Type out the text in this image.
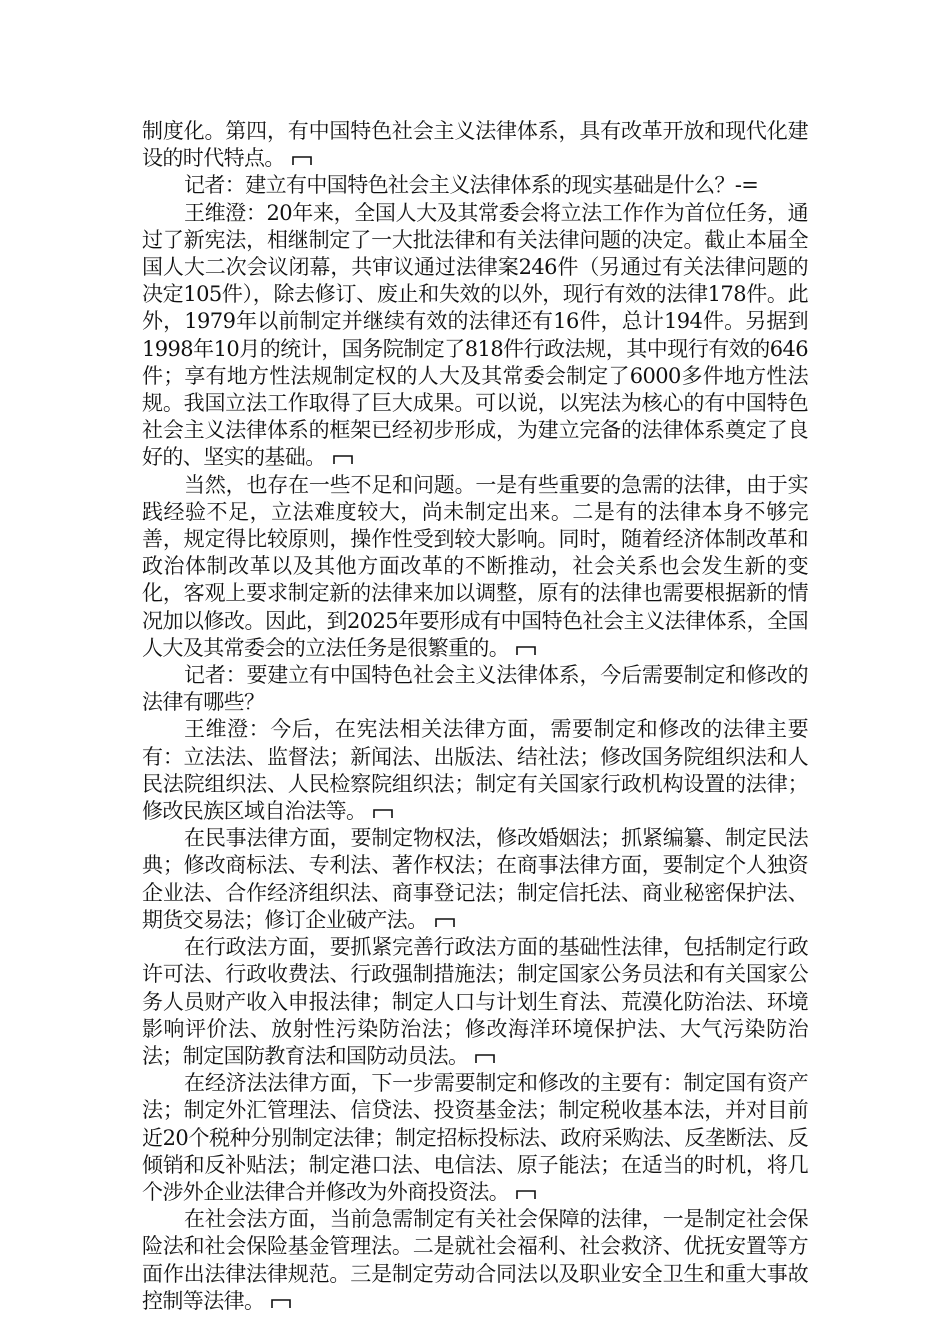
制度化。第四，有中国特色社会主义法律体系，具有改革开放和现代化建设的时代特点。

记者：建立有中国特色社会主义法律体系的现实基础是什么？-=

王维澄：20年来，全国人大及其常委会将立法工作作为首位任务，通过了新宪法，相继制定了一大批法律和有关法律问题的决定。截止本届全国人大二次会议闭幕，共审议通过法律案246件（另通过有关法律问题的决定105件），除去修订、废止和失效的以外，现行有效的法律178件。此外，1979年以前制定并继续有效的法律还有16件，总计194件。另据到1998年10月的统计，国务院制定了818件行政法规，其中现行有效的646件；享有地方性法规制定权的人大及其常委会制定了6000多件地方性法规。我国立法工作取得了巨大成果。可以说，以宪法为核心的有中国特色社会主义法律体系的框架已经初步形成，为建立完备的法律体系奠定了良好的、坚实的基础。

当然，也存在一些不足和问题。一是有些重要的急需的法律，由于实践经验不足，立法难度较大，尚未制定出来。二是有的法律本身不够完善，规定得比较原则，操作性受到较大影响。同时，随着经济体制改革和政治体制改革以及其他方面改革的不断推动，社会关系也会发生新的变化，客观上要求制定新的法律来加以调整，原有的法律也需要根据新的情况加以修改。因此，到2025年要形成有中国特色社会主义法律体系，全国人大及其常委会的立法任务是很繁重的。

记者：要建立有中国特色社会主义法律体系，今后需要制定和修改的法律有哪些？

王维澄：今后，在宪法相关法律方面，需要制定和修改的法律主要有：立法法、监督法；新闻法、出版法、结社法；修改国务院组织法和人民法院组织法、人民检察院组织法；制定有关国家行政机构设置的法律；修改民族区域自治法等。

在民事法律方面，要制定物权法，修改婚姻法；抓紧编纂、制定民法典；修改商标法、专利法、著作权法；在商事法律方面，要制定个人独资企业法、合作经济组织法、商事登记法；制定信托法、商业秘密保护法、期货交易法；修订企业破产法。

在行政法方面，要抓紧完善行政法方面的基础性法律，包括制定行政许可法、行政收费法、行政强制措施法；制定国家公务员法和有关国家公务人员财产收入申报法律；制定人口与计划生育法、荒漠化防治法、环境影响评价法、放射性污染防治法；修改海洋环境保护法、大气污染防治法；制定国防教育法和国防动员法。

在经济法法律方面，下一步需要制定和修改的主要有：制定国有资产法；制定外汇管理法、信贷法、投资基金法；制定税收基本法，并对目前近20个税种分别制定法律；制定招标投标法、政府采购法、反垄断法、反倾销和反补贴法；制定港口法、电信法、原子能法；在适当的时机，将几个涉外企业法律合并修改为外商投资法。

在社会法方面，当前急需制定有关社会保障的法律，一是制定社会保险法和社会保险基金管理法。二是就社会福利、社会救济、优抚安置等方面作出法律法律规范。三是制定劳动合同法以及职业安全卫生和重大事故控制等法律。
